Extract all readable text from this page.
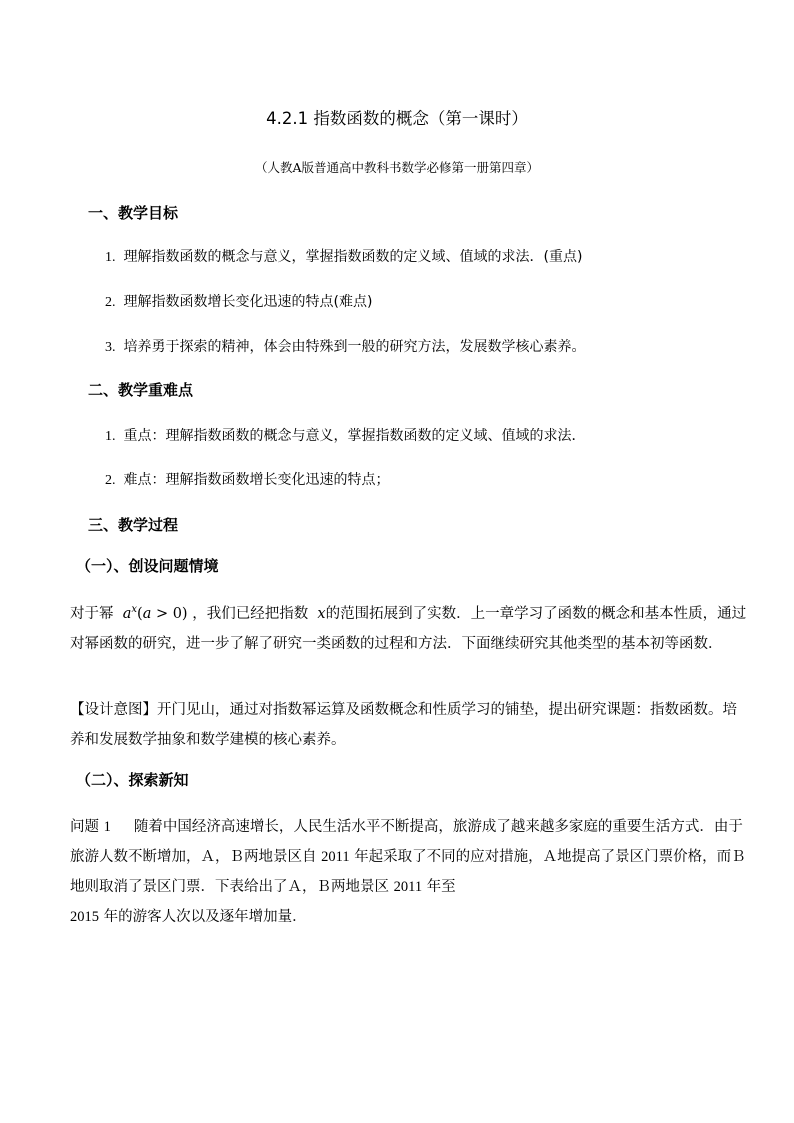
4.2.1 指数函数的概念（第一课时）
（人教A版普通高中教科书数学必修第一册第四章）
一、教学目标
1. 理解指数函数的概念与意义，掌握指数函数的定义域、值域的求法．(重点)
2. 理解指数函数增长变化迅速的特点(难点)
3. 培养勇于探索的精神，体会由特殊到一般的研究方法，发展数学核心素养。
二、教学重难点
1. 重点：理解指数函数的概念与意义，掌握指数函数的定义域、值域的求法．
2. 难点：理解指数函数增长变化迅速的特点；
三、教学过程
（一）、创设问题情境
对于幂 $a^x(a > 0)$ ，我们已经把指数 x的范围拓展到了实数．上一章学习了函数的概念和基本性质，通过对幂函数的研究，进一步了解了研究一类函数的过程和方法．下面继续研究其他类型的基本初等函数．
【设计意图】开门见山，通过对指数幂运算及函数概念和性质学习的铺垫，提出研究课题：指数函数。培养和发展数学抽象和数学建模的核心素养。
（二）、探索新知
问题 1 随着中国经济高速增长，人民生活水平不断提高，旅游成了越来越多家庭的重要生活方式．由于旅游人数不断增加，Ａ，Ｂ两地景区自 2011 年起采取了不同的应对措施，Ａ地提高了景区门票价格，而Ｂ地则取消了景区门票．下表给出了Ａ，Ｂ两地景区 2011 年至
2015 年的游客人次以及逐年增加量．
